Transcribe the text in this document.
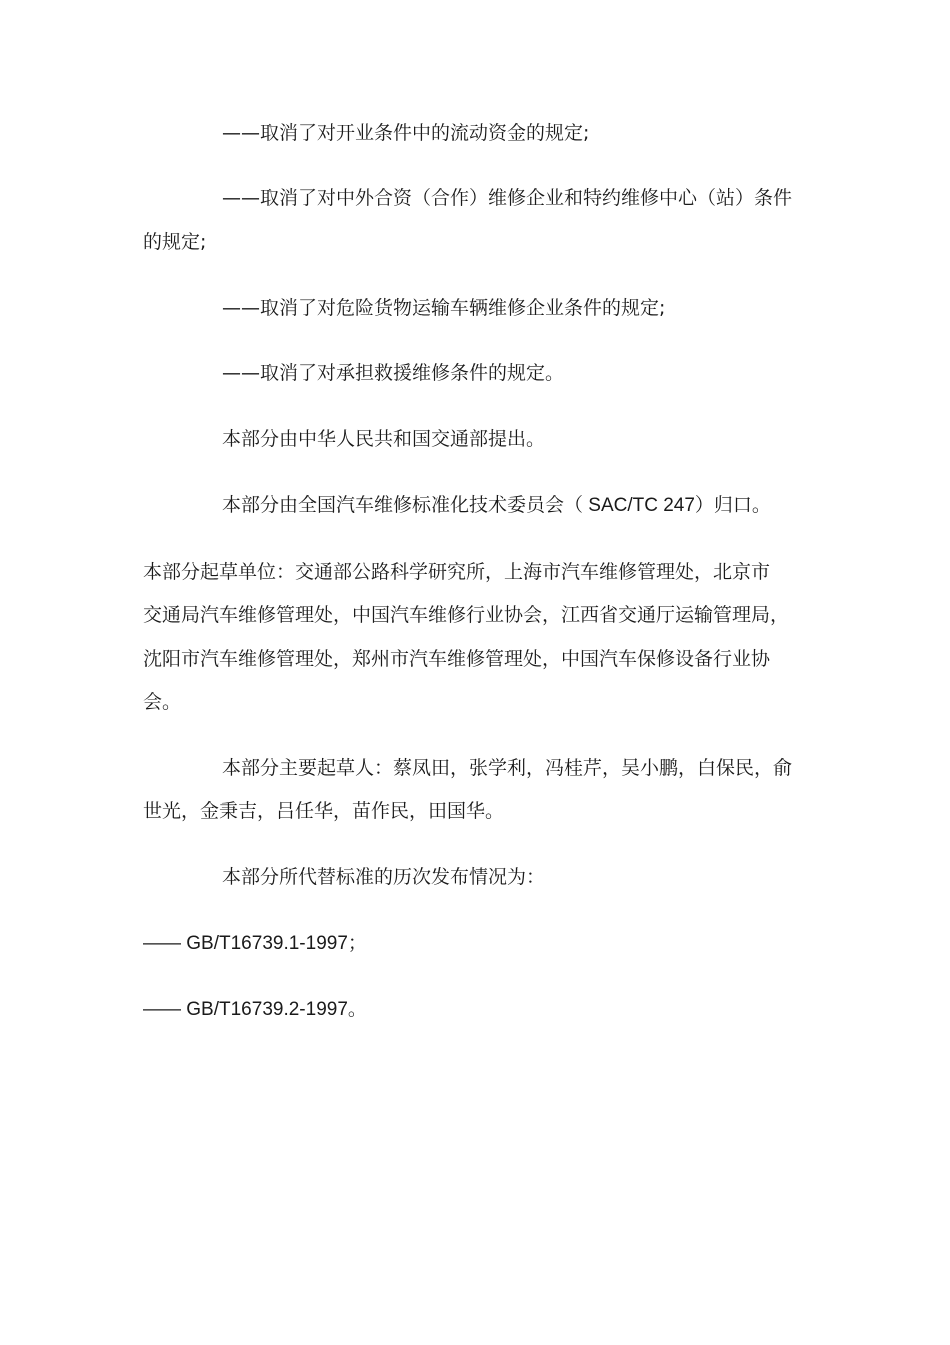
——取消了对开业条件中的流动资金的规定;
——取消了对中外合资（合作）维修企业和特约维修中心（站）条件
的规定;
——取消了对危险货物运输车辆维修企业条件的规定;
——取消了对承担救援维修条件的规定。
本部分由中华人民共和国交通部提出。
本部分由全国汽车维修标准化技术委员会（ SAC/TC 247）归口。
本部分起草单位：交通部公路科学研究所，上海市汽车维修管理处，北京市
交通局汽车维修管理处，中国汽车维修行业协会，江西省交通厅运输管理局，
沈阳市汽车维修管理处，郑州市汽车维修管理处，中国汽车保修设备行业协
会。
本部分主要起草人：蔡凤田，张学利，冯桂芹，吴小鹏，白保民，俞
世光，金秉吉，吕任华，苗作民，田国华。
本部分所代替标准的历次发布情况为：
—— GB/T16739.1-1997；
—— GB/T16739.2-1997。
